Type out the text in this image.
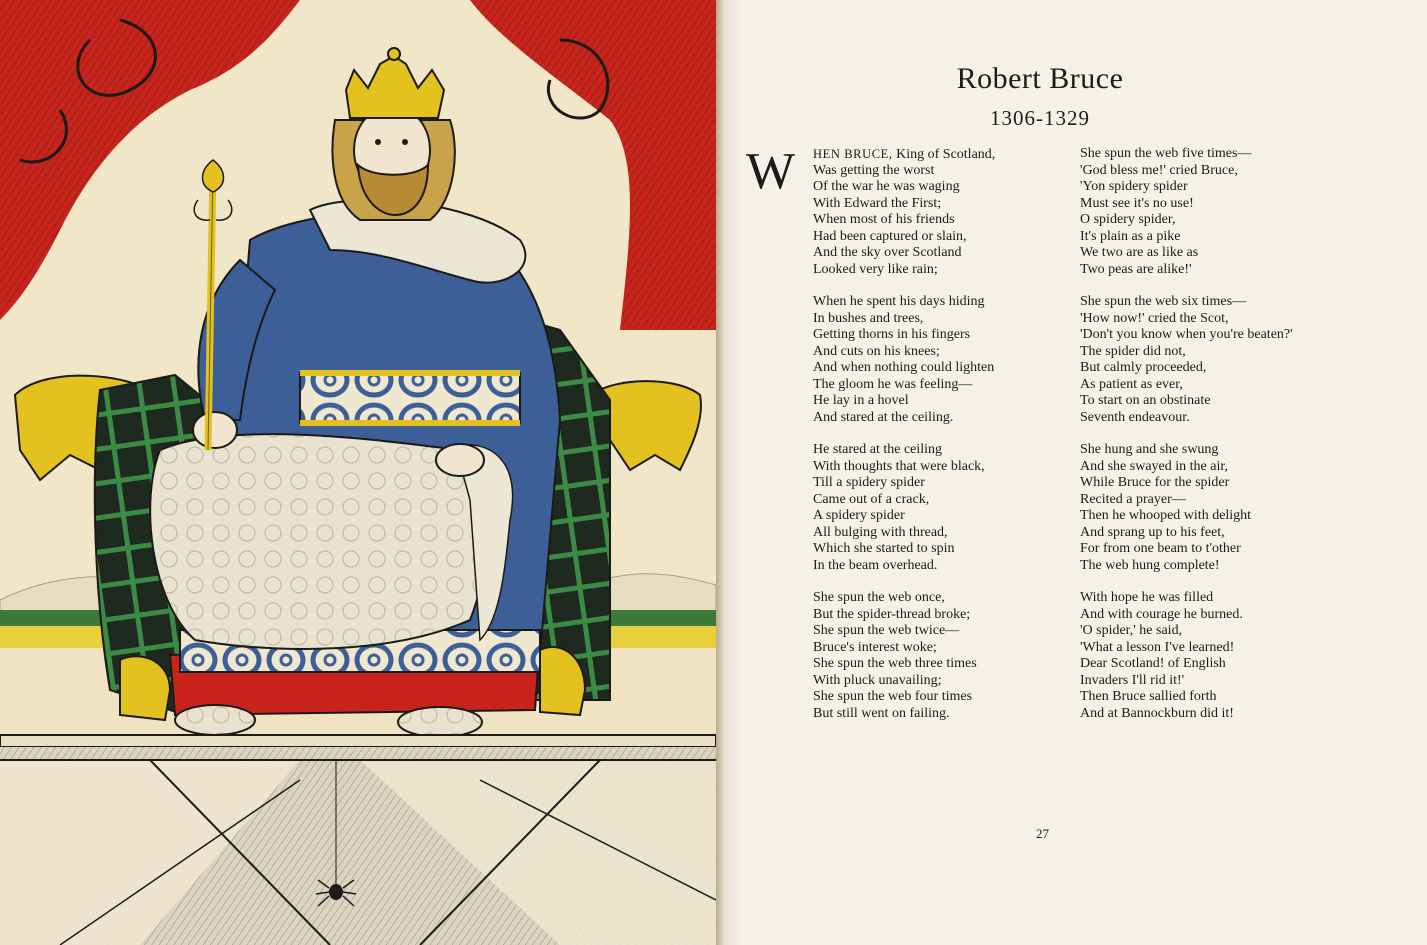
Robert Bruce
1306-1329
W HEN BRUCE, King of Scotland,
Was getting the worst
Of the war he was waging
With Edward the First;
When most of his friends
Had been captured or slain,
And the sky over Scotland
Looked very like rain;
When he spent his days hiding
In bushes and trees,
Getting thorns in his fingers
And cuts on his knees;
And when nothing could lighten
The gloom he was feeling—
He lay in a hovel
And stared at the ceiling.
He stared at the ceiling
With thoughts that were black,
Till a spidery spider
Came out of a crack,
A spidery spider
All bulging with thread,
Which she started to spin
In the beam overhead.
She spun the web once,
But the spider-thread broke;
She spun the web twice—
Bruce's interest woke;
She spun the web three times
With pluck unavailing;
She spun the web four times
But still went on failing.
She spun the web five times—
'God bless me!' cried Bruce,
'Yon spidery spider
Must see it's no use!
O spidery spider,
It's plain as a pike
We two are as like as
Two peas are alike!'
She spun the web six times—
'How now!' cried the Scot,
'Don't you know when you're beaten?'
The spider did not,
But calmly proceeded,
As patient as ever,
To start on an obstinate
Seventh endeavour.
She hung and she swung
And she swayed in the air,
While Bruce for the spider
Recited a prayer—
Then he whooped with delight
And sprang up to his feet,
For from one beam to t'other
The web hung complete!
With hope he was filled
And with courage he burned.
'O spider,' he said,
'What a lesson I've learned!
Dear Scotland! of English
Invaders I'll rid it!'
Then Bruce sallied forth
And at Bannockburn did it!
27
